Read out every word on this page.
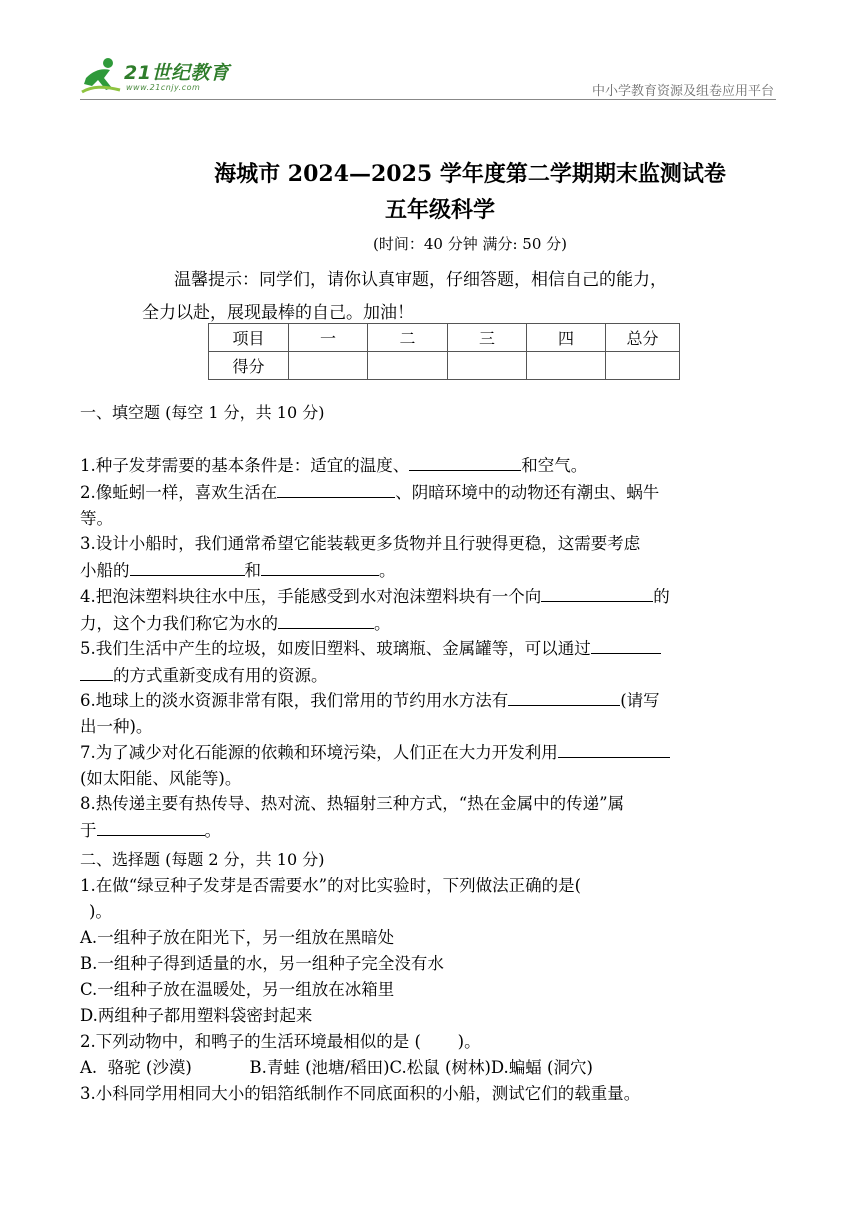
21世纪教育
www.21cnjy.com	中小学教育资源及组卷应用平台
海城市 2024—2025 学年度第二学期期末监测试卷
五年级科学
(时间：40 分钟 满分: 50 分)
温馨提示：同学们，请你认真审题，仔细答题，相信自己的能力，
全力以赴，展现最棒的自己。加油！
项目	一	二	三	四	总分
得分					
一、填空题 (每空 1 分，共 10 分)
1.种子发芽需要的基本条件是：适宜的温度、	和空气。
2.像蚯蚓一样，喜欢生活在	、阴暗环境中的动物还有潮虫、蜗牛
等。
3.设计小船时，我们通常希望它能装载更多货物并且行驶得更稳，这需要考虑
小船的	和	。
4.把泡沫塑料块往水中压，手能感受到水对泡沫塑料块有一个向	的
力，这个力我们称它为水的	。
5.我们生活中产生的垃圾，如废旧塑料、玻璃瓶、金属罐等，可以通过
的方式重新变成有用的资源。
6.地球上的淡水资源非常有限，我们常用的节约用水方法有	(请写
出一种)。
7.为了减少对化石能源的依赖和环境污染，人们正在大力开发利用
(如太阳能、风能等)。
8.热传递主要有热传导、热对流、热辐射三种方式，“热在金属中的传递”属
于	。
二、选择题 (每题 2 分，共 10 分)
1.在做“绿豆种子发芽是否需要水”的对比实验时，下列做法正确的是(
)。
A.一组种子放在阳光下，另一组放在黑暗处
B.一组种子得到适量的水，另一组种子完全没有水
C.一组种子放在温暖处，另一组放在冰箱里
D.两组种子都用塑料袋密封起来
2.下列动物中，和鸭子的生活环境最相似的是 (       )。
A.  骆驼 (沙漠)           B.青蛙 (池塘/稻田)C.松鼠 (树林)D.蝙蝠 (洞穴)
3.小科同学用相同大小的铝箔纸制作不同底面积的小船，测试它们的载重量。
